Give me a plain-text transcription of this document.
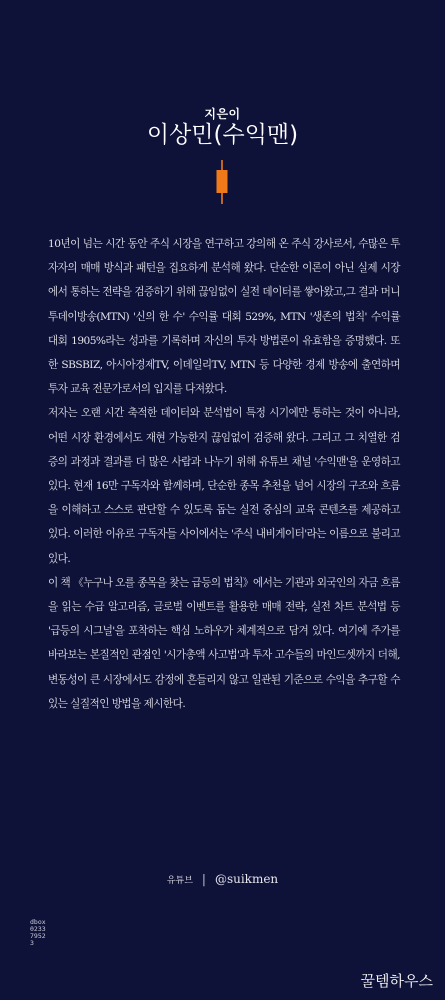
지은이
이상민(수익맨)

10년이 넘는 시간 동안 주식 시장을 연구하고 강의해 온 주식 강사로서, 수많은 투자자의 매매 방식과 패턴을 집요하게 분석해 왔다. 단순한 이론이 아닌 실제 시장에서 통하는 전략을 검증하기 위해 끊임없이 실전 데이터를 쌓아왔고,그 결과 머니투데이방송(MTN) '신의 한 수' 수익률 대회 529%, MTN '생존의 법칙' 수익률 대회 1905%라는 성과를 기록하며 자신의 투자 방법론이 유효함을 증명했다. 또한 SBSBIZ, 아시아경제TV, 이데일리TV, MTN 등 다양한 경제 방송에 출연하며 투자 교육 전문가로서의 입지를 다져왔다.

저자는 오랜 시간 축적한 데이터와 분석법이 특정 시기에만 통하는 것이 아니라, 어떤 시장 환경에서도 재현 가능한지 끊임없이 검증해 왔다. 그리고 그 치열한 검증의 과정과 결과를 더 많은 사람과 나누기 위해 유튜브 채널 '수익맨'을 운영하고 있다. 현재 16만 구독자와 함께하며, 단순한 종목 추천을 넘어 시장의 구조와 흐름을 이해하고 스스로 판단할 수 있도록 돕는 실전 중심의 교육 콘텐츠를 제공하고 있다. 이러한 이유로 구독자들 사이에서는 '주식 내비게이터'라는 이름으로 불리고 있다.

이 책 《누구나 오를 종목을 찾는 급등의 법칙》에서는 기관과 외국인의 자금 흐름을 읽는 수급 알고리즘, 글로벌 이벤트를 활용한 매매 전략, 실전 차트 분석법 등 '급등의 시그널'을 포착하는 핵심 노하우가 체계적으로 담겨 있다. 여기에 주가를 바라보는 본질적인 관점인 '시가총액 사고법'과 투자 고수들의 마인드셋까지 더해, 변동성이 큰 시장에서도 감정에 흔들리지 않고 일관된 기준으로 수익을 추구할 수 있는 실질적인 방법을 제시한다.

유튜브 | @suikmen
dbox
0233
7952
3
꿀템하우스
